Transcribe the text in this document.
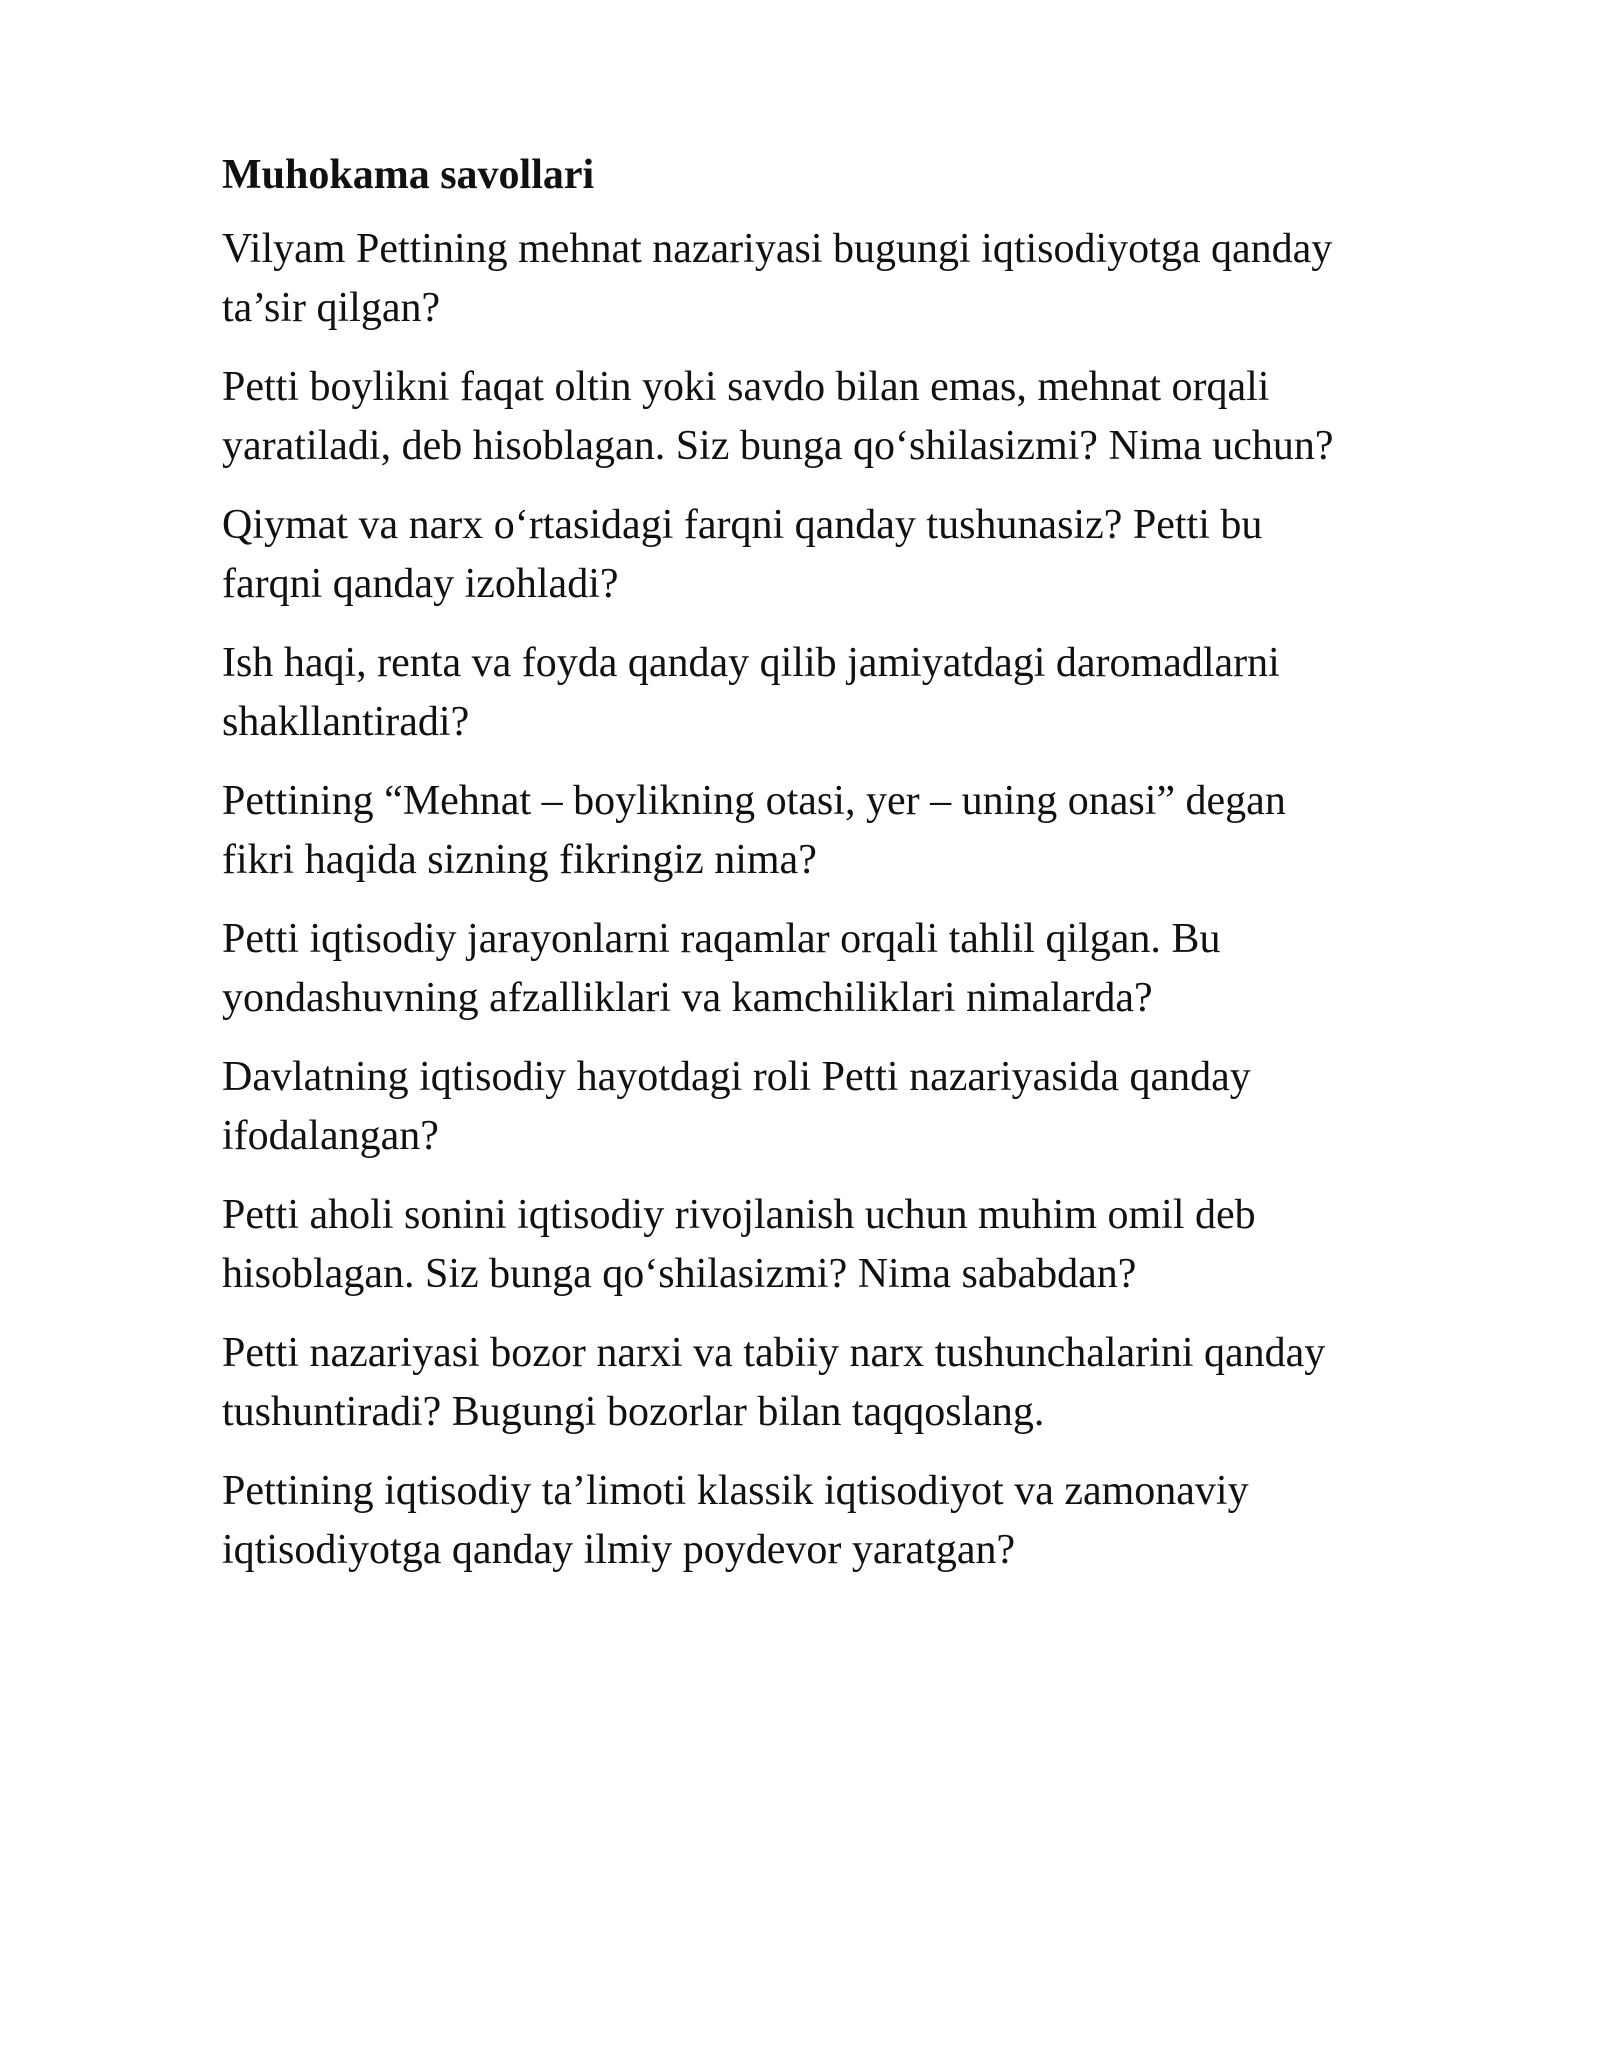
Muhokama savollari
Vilyam Pettining mehnat nazariyasi bugungi iqtisodiyotga qanday
ta’sir qilgan?
Petti boylikni faqat oltin yoki savdo bilan emas, mehnat orqali
yaratiladi, deb hisoblagan. Siz bunga qo‘shilasizmi? Nima uchun?
Qiymat va narx o‘rtasidagi farqni qanday tushunasiz? Petti bu
farqni qanday izohladi?
Ish haqi, renta va foyda qanday qilib jamiyatdagi daromadlarni
shakllantiradi?
Pettining “Mehnat – boylikning otasi, yer – uning onasi” degan
fikri haqida sizning fikringiz nima?
Petti iqtisodiy jarayonlarni raqamlar orqali tahlil qilgan. Bu
yondashuvning afzalliklari va kamchiliklari nimalarda?
Davlatning iqtisodiy hayotdagi roli Petti nazariyasida qanday
ifodalangan?
Petti aholi sonini iqtisodiy rivojlanish uchun muhim omil deb
hisoblagan. Siz bunga qo‘shilasizmi? Nima sababdan?
Petti nazariyasi bozor narxi va tabiiy narx tushunchalarini qanday
tushuntiradi? Bugungi bozorlar bilan taqqoslang.
Pettining iqtisodiy ta’limoti klassik iqtisodiyot va zamonaviy
iqtisodiyotga qanday ilmiy poydevor yaratgan?
